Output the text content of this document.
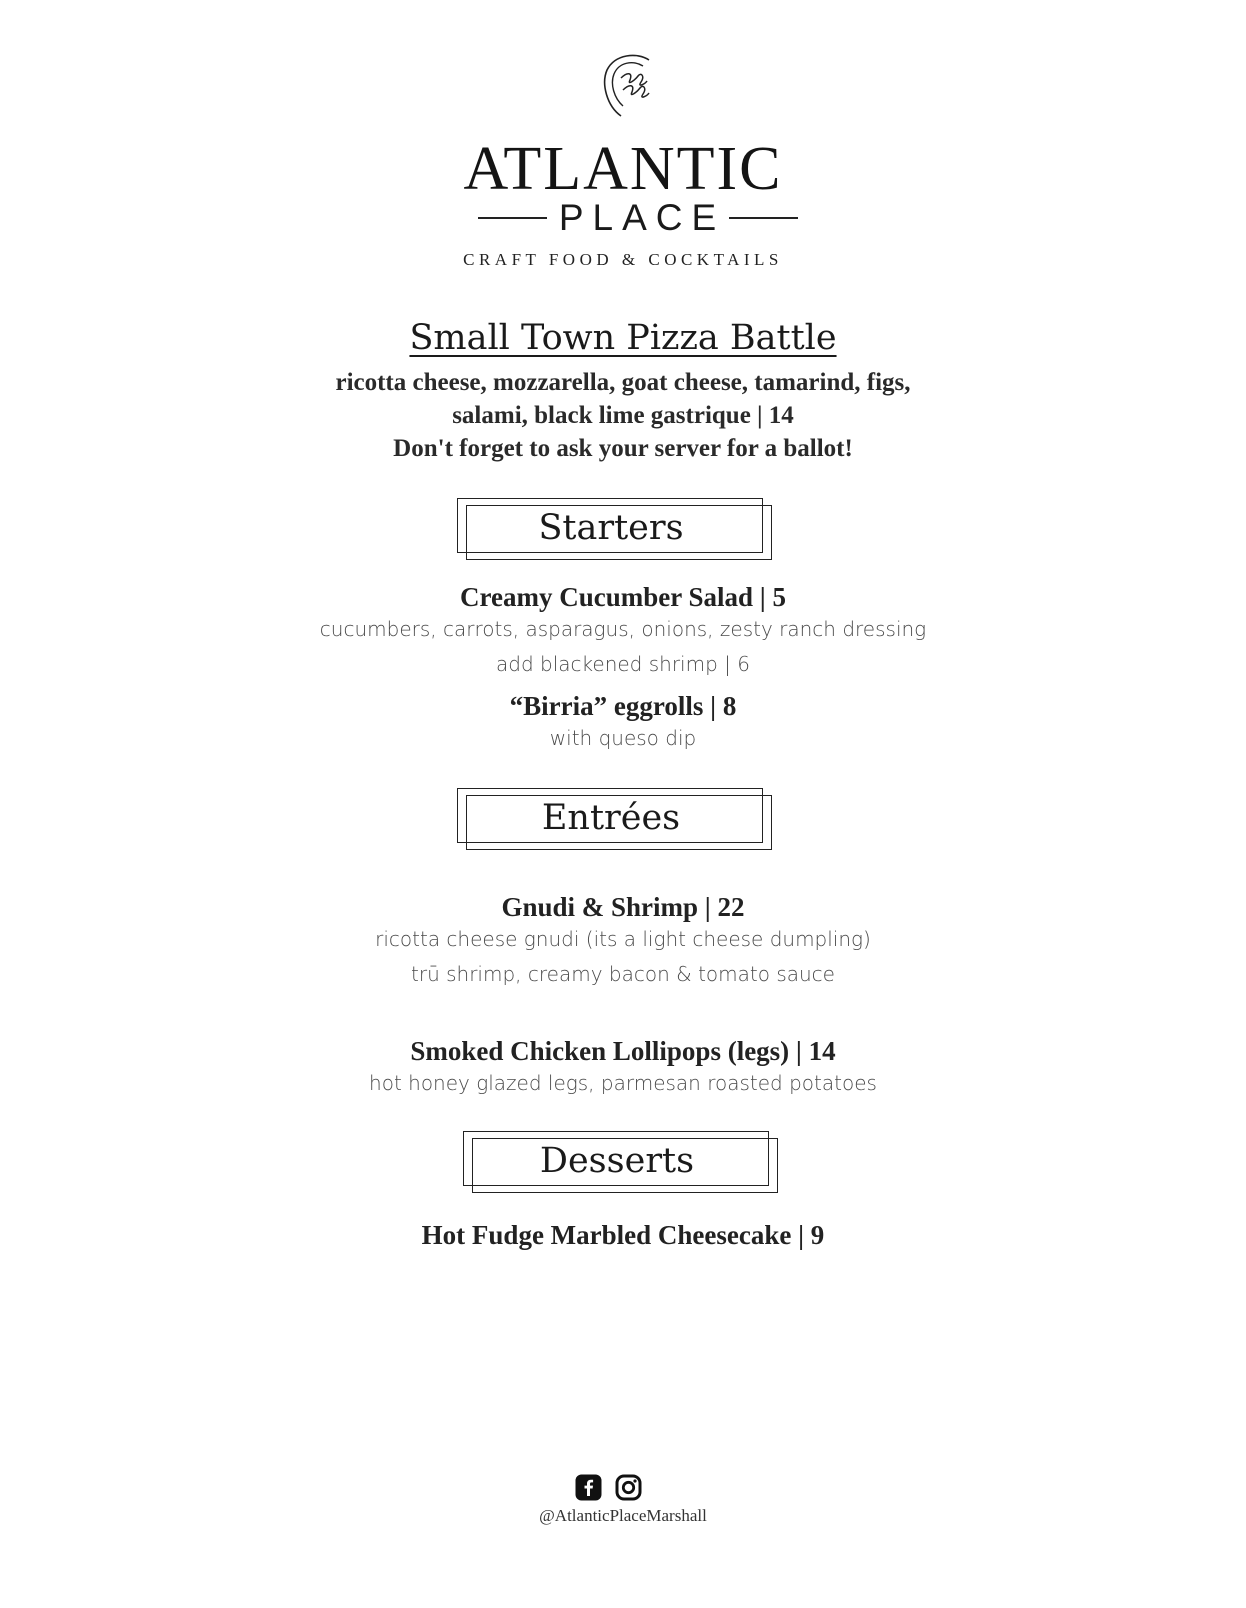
ATLANTIC
PLACE
CRAFT FOOD & COCKTAILS
Small Town Pizza Battle
ricotta cheese, mozzarella, goat cheese, tamarind, figs,
salami, black lime gastrique | 14
Don't forget to ask your server for a ballot!
Starters
Creamy Cucumber Salad | 5
cucumbers, carrots, asparagus, onions, zesty ranch dressing
add blackened shrimp | 6
“Birria” eggrolls | 8
with queso dip
Entrées
Gnudi & Shrimp | 22
ricotta cheese gnudi (its a light cheese dumpling)
trū shrimp, creamy bacon & tomato sauce
Smoked Chicken Lollipops (legs) | 14
hot honey glazed legs, parmesan roasted potatoes
Desserts
Hot Fudge Marbled Cheesecake | 9
@AtlanticPlaceMarshall
